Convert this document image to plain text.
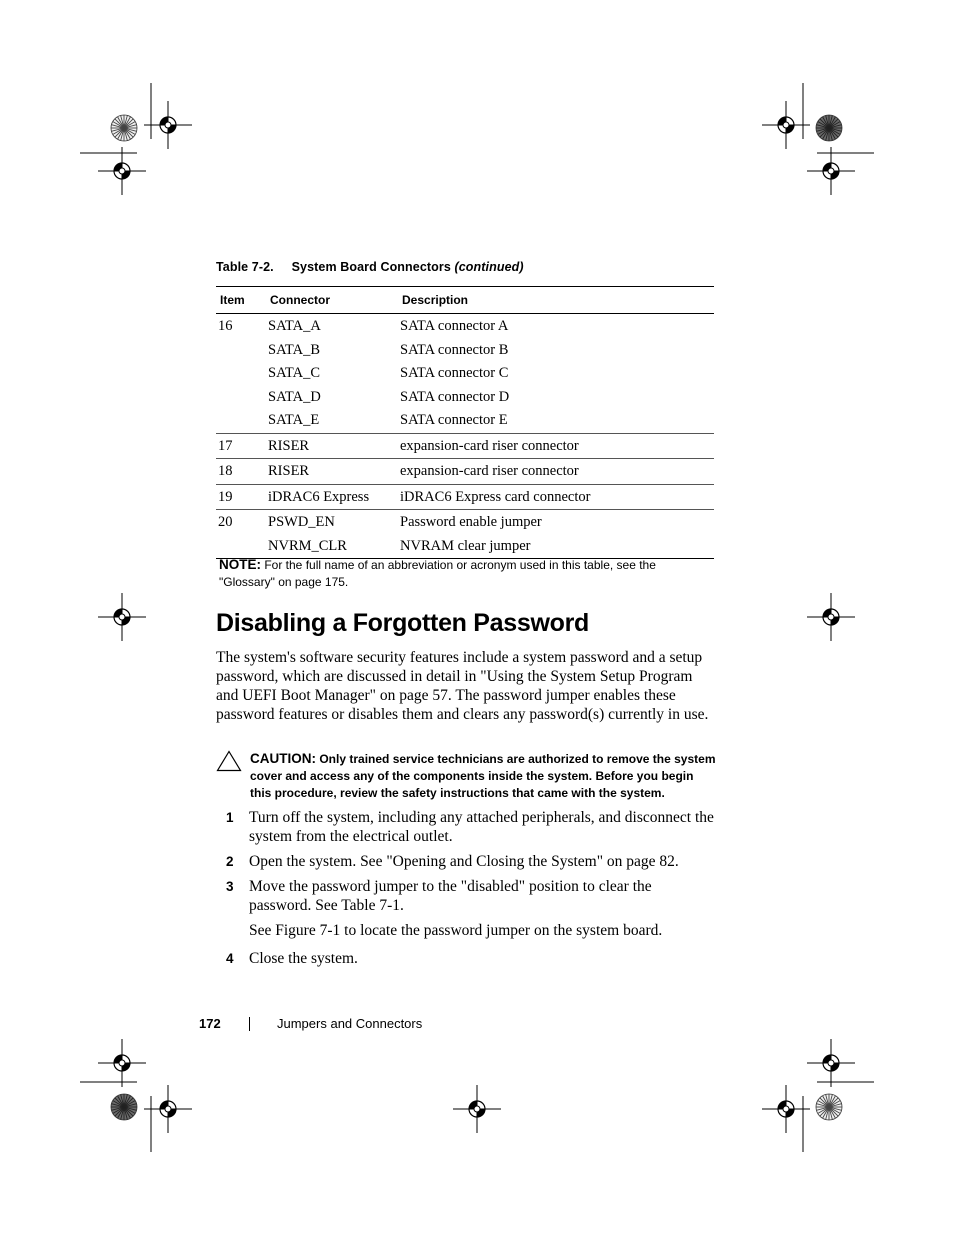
Table 7-2. System Board Connectors (continued)
Item	Connector	Description
16	SATA_A	SATA connector A
	SATA_B	SATA connector B
	SATA_C	SATA connector C
	SATA_D	SATA connector D
	SATA_E	SATA connector E
17	RISER	expansion-card riser connector
18	RISER	expansion-card riser connector
19	iDRAC6 Express	iDRAC6 Express card connector
20	PSWD_EN	Password enable jumper
	NVRM_CLR	NVRAM clear jumper
NOTE: For the full name of an abbreviation or acronym used in this table, see the "Glossary" on page 175.
Disabling a Forgotten Password

The system's software security features include a system password and a setup password, which are discussed in detail in "Using the System Setup Program and UEFI Boot Manager" on page 57. The password jumper enables these password features or disables them and clears any password(s) currently in use.

CAUTION: Only trained service technicians are authorized to remove the system cover and access any of the components inside the system. Before you begin this procedure, review the safety instructions that came with the system.
1 Turn off the system, including any attached peripherals, and disconnect the system from the electrical outlet.
2 Open the system. See "Opening and Closing the System" on page 82.
3 Move the password jumper to the "disabled" position to clear the password. See Table 7-1.
See Figure 7-1 to locate the password jumper on the system board.
4 Close the system.
172	Jumpers and Connectors
